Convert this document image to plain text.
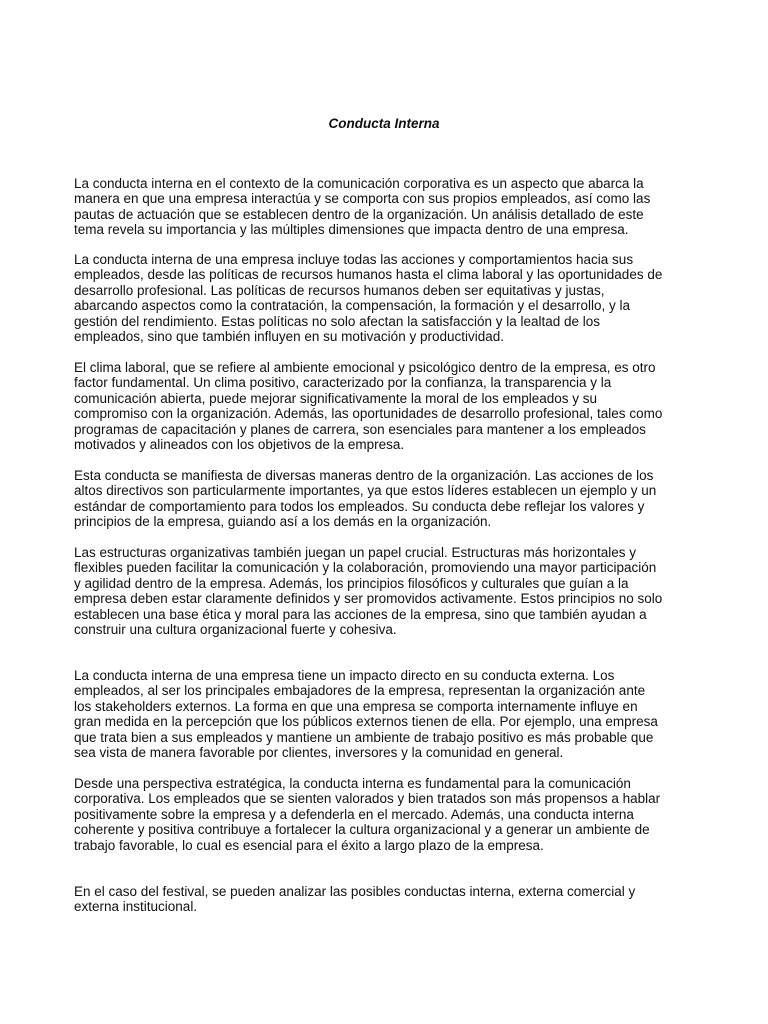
Conducta Interna

La conducta interna en el contexto de la comunicación corporativa es un aspecto que abarca la
manera en que una empresa interactúa y se comporta con sus propios empleados, así como las
pautas de actuación que se establecen dentro de la organización. Un análisis detallado de este
tema revela su importancia y las múltiples dimensiones que impacta dentro de una empresa.

La conducta interna de una empresa incluye todas las acciones y comportamientos hacia sus
empleados, desde las políticas de recursos humanos hasta el clima laboral y las oportunidades de
desarrollo profesional. Las políticas de recursos humanos deben ser equitativas y justas,
abarcando aspectos como la contratación, la compensación, la formación y el desarrollo, y la
gestión del rendimiento. Estas políticas no solo afectan la satisfacción y la lealtad de los
empleados, sino que también influyen en su motivación y productividad.

El clima laboral, que se refiere al ambiente emocional y psicológico dentro de la empresa, es otro
factor fundamental. Un clima positivo, caracterizado por la confianza, la transparencia y la
comunicación abierta, puede mejorar significativamente la moral de los empleados y su
compromiso con la organización. Además, las oportunidades de desarrollo profesional, tales como
programas de capacitación y planes de carrera, son esenciales para mantener a los empleados
motivados y alineados con los objetivos de la empresa.

Esta conducta se manifiesta de diversas maneras dentro de la organización. Las acciones de los
altos directivos son particularmente importantes, ya que estos líderes establecen un ejemplo y un
estándar de comportamiento para todos los empleados. Su conducta debe reflejar los valores y
principios de la empresa, guiando así a los demás en la organización.

Las estructuras organizativas también juegan un papel crucial. Estructuras más horizontales y
flexibles pueden facilitar la comunicación y la colaboración, promoviendo una mayor participación
y agilidad dentro de la empresa. Además, los principios filosóficos y culturales que guían a la
empresa deben estar claramente definidos y ser promovidos activamente. Estos principios no solo
establecen una base ética y moral para las acciones de la empresa, sino que también ayudan a
construir una cultura organizacional fuerte y cohesiva.

La conducta interna de una empresa tiene un impacto directo en su conducta externa. Los
empleados, al ser los principales embajadores de la empresa, representan la organización ante
los stakeholders externos. La forma en que una empresa se comporta internamente influye en
gran medida en la percepción que los públicos externos tienen de ella. Por ejemplo, una empresa
que trata bien a sus empleados y mantiene un ambiente de trabajo positivo es más probable que
sea vista de manera favorable por clientes, inversores y la comunidad en general.

Desde una perspectiva estratégica, la conducta interna es fundamental para la comunicación
corporativa. Los empleados que se sienten valorados y bien tratados son más propensos a hablar
positivamente sobre la empresa y a defenderla en el mercado. Además, una conducta interna
coherente y positiva contribuye a fortalecer la cultura organizacional y a generar un ambiente de
trabajo favorable, lo cual es esencial para el éxito a largo plazo de la empresa.

En el caso del festival, se pueden analizar las posibles conductas interna, externa comercial y
externa institucional.
